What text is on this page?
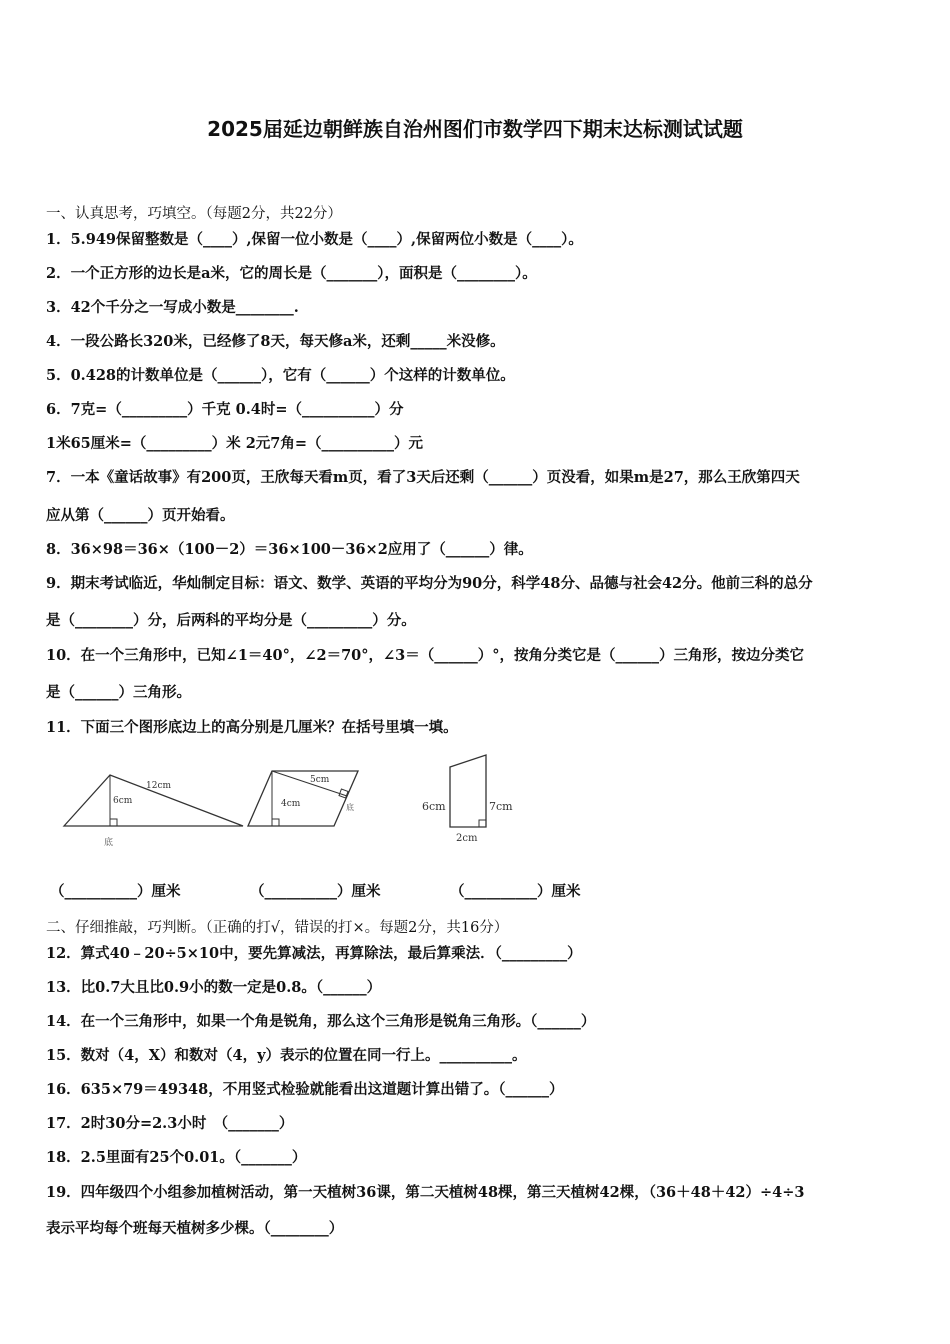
2025届延边朝鲜族自治州图们市数学四下期末达标测试试题
一、认真思考，巧填空。（每题2分，共22分）
1．5.949保留整数是（____）,保留一位小数是（____）,保留两位小数是（____）。
2．一个正方形的边长是a米，它的周长是（_______），面积是（________）。
3．42个千分之一写成小数是________.
4．一段公路长320米，已经修了8天，每天修a米，还剩_____米没修。
5．0.428的计数单位是（______），它有（______）个这样的计数单位。
6．7克=（_________）千克 0.4时=（__________）分
1米65厘米=（_________）米 2元7角=（__________）元
7．一本《童话故事》有200页，王欣每天看m页，看了3天后还剩（______）页没看，如果m是27，那么王欣第四天
应从第（______）页开始看。
8．36×98＝36×（100－2）＝36×100－36×2应用了（______）律。
9．期末考试临近，华灿制定目标：语文、数学、英语的平均分为90分，科学48分、品德与社会42分。他前三科的总分
是（________）分，后两科的平均分是（_________）分。
10．在一个三角形中，已知∠1＝40°，∠2＝70°，∠3＝（______）°，按角分类它是（______）三角形，按边分类它
是（______）三角形。
11．下面三个图形底边上的高分别是几厘米？在括号里填一填。
12cm
6cm
底
5cm
4cm	底	6cm	7cm
2cm
（__________）厘米	（__________）厘米	（__________）厘米
二、仔细推敲，巧判断。（正确的打√，错误的打×。每题2分，共16分）
12．算式40﹣20÷5×10中，要先算减法，再算除法，最后算乘法．（_________）
13．比0.7大且比0.9小的数一定是0.8。（______）
14．在一个三角形中，如果一个角是锐角，那么这个三角形是锐角三角形。（______）
15．数对（4，X）和数对（4，y）表示的位置在同一行上。__________。
16．635×79＝49348，不用竖式检验就能看出这道题计算出错了。（______）
17．2时30分=2.3小时　（_______）
18．2.5里面有25个0.01。（_______）
19．四年级四个小组参加植树活动，第一天植树36课，第二天植树48棵，第三天植树42棵，（36＋48＋42）÷4÷3
表示平均每个班每天植树多少棵。（________）
